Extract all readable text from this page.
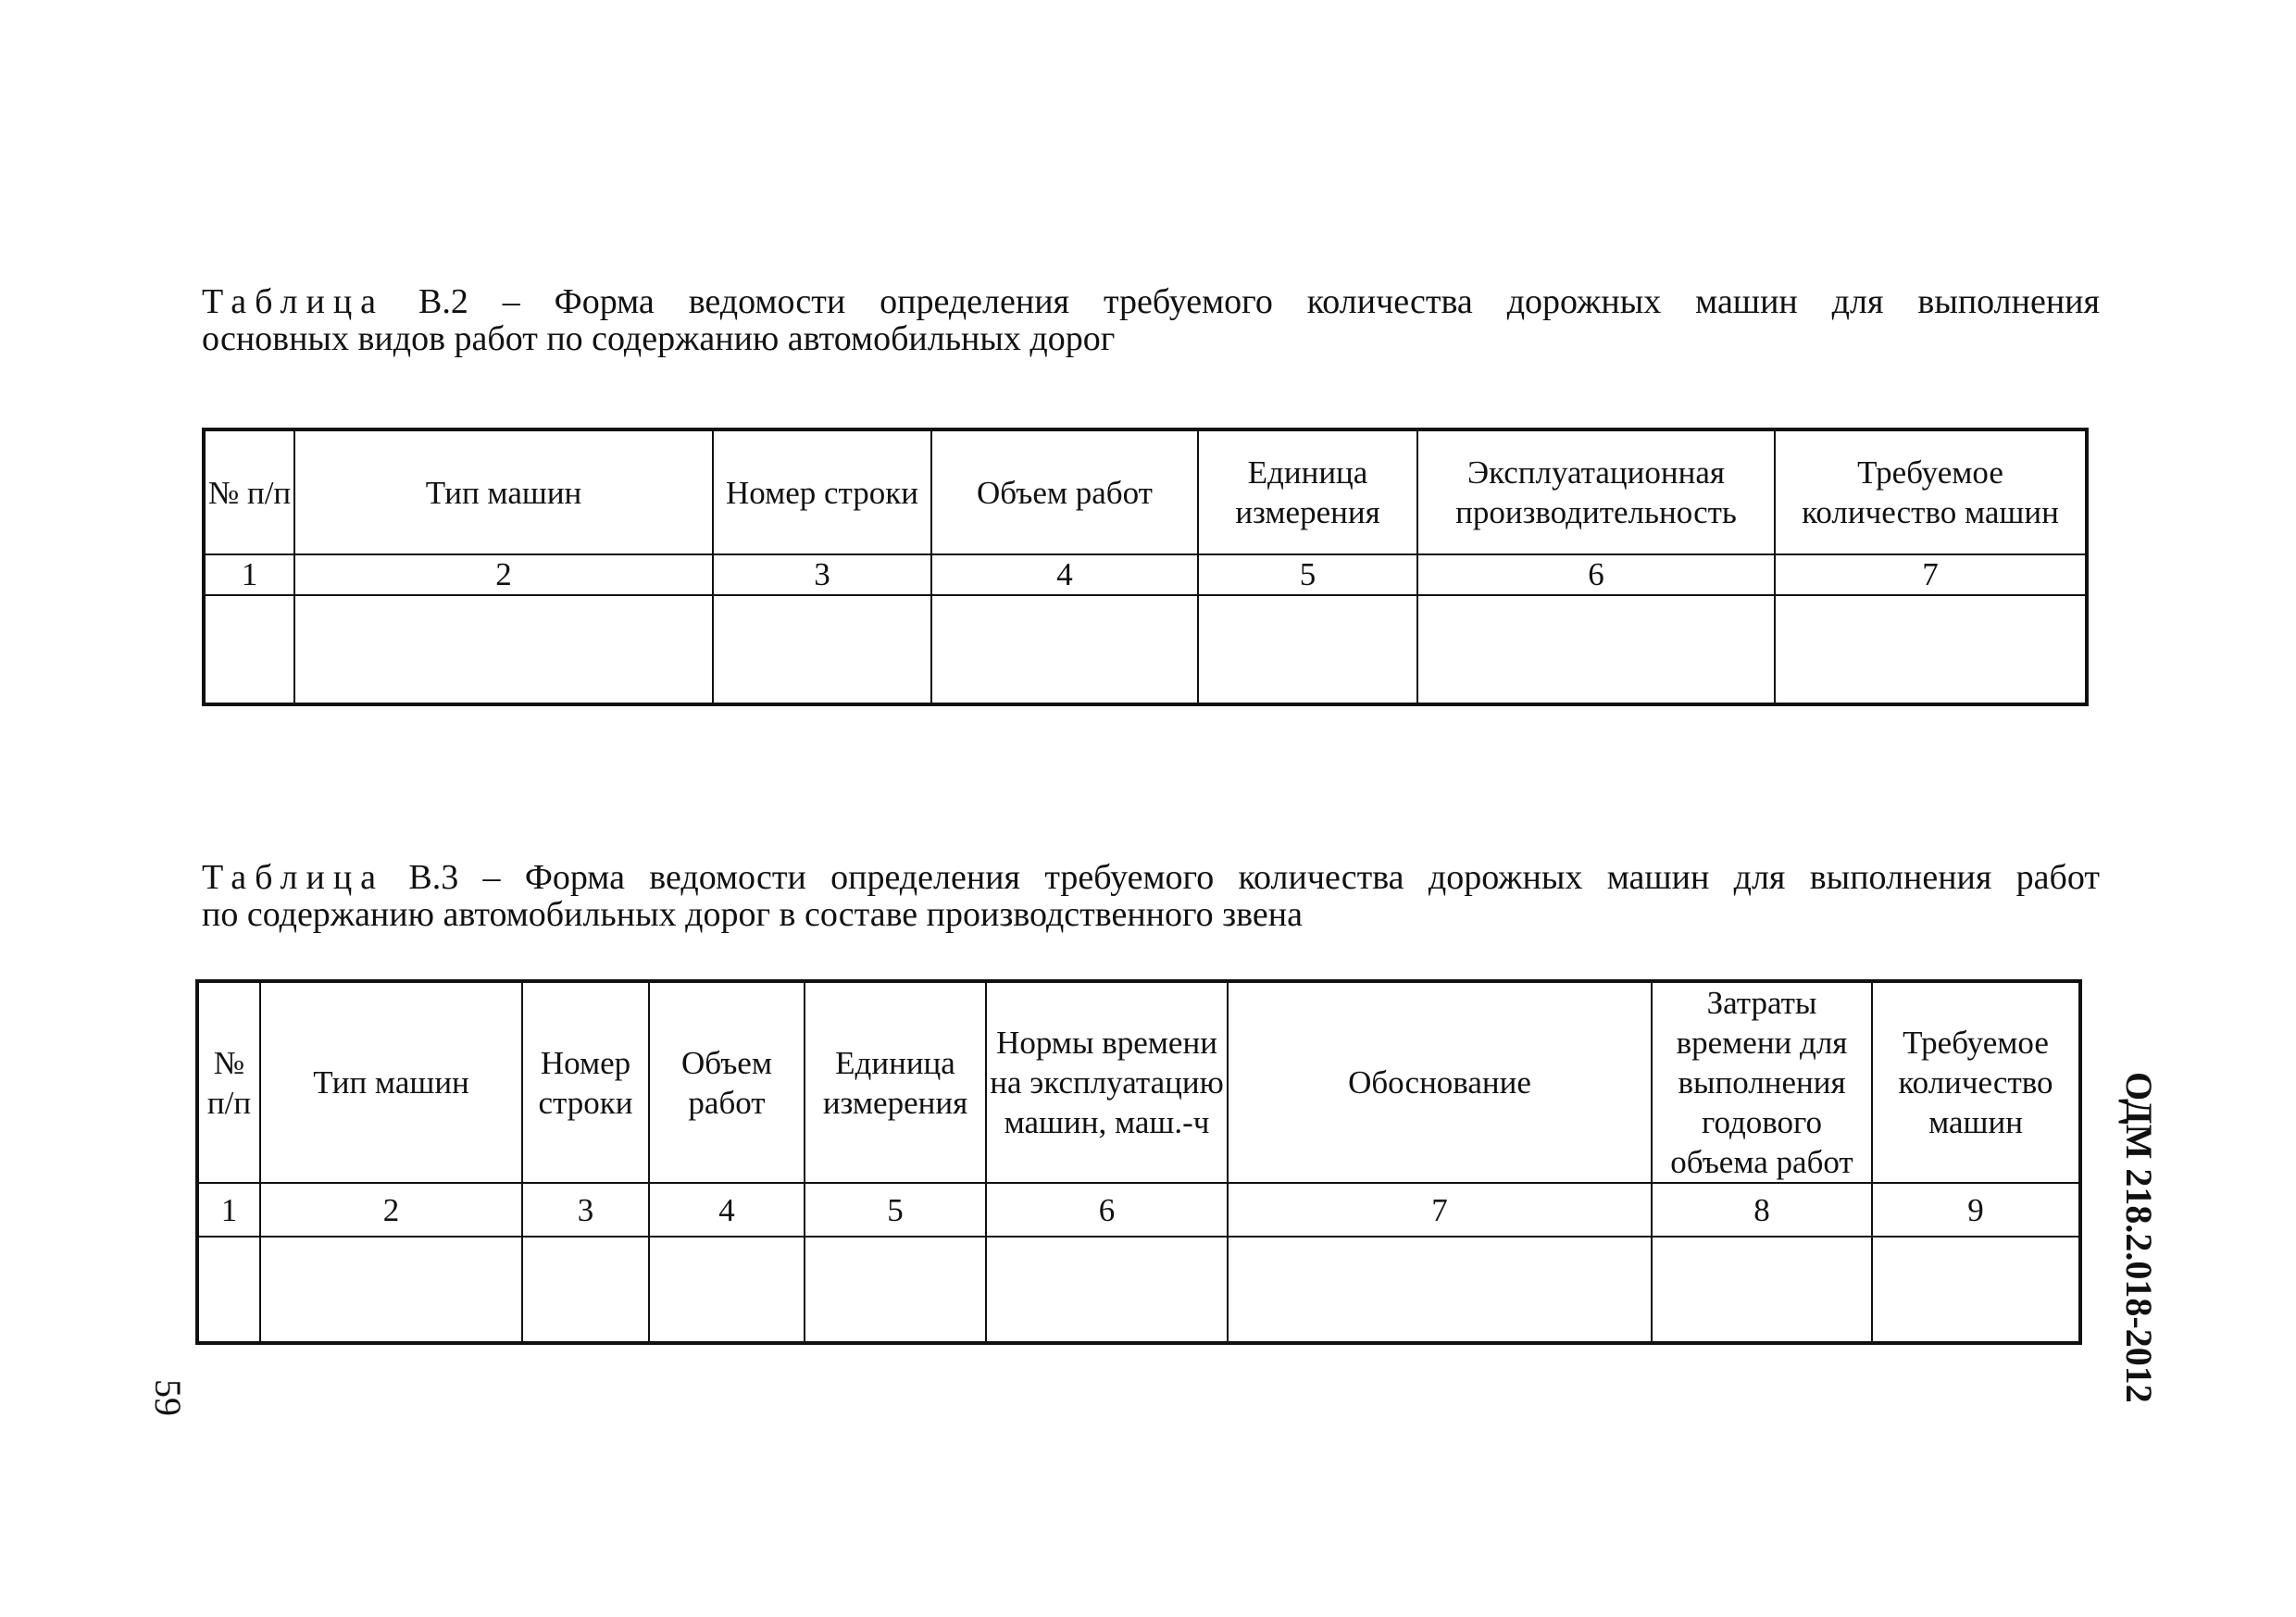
Таблица В.2 – Форма ведомости определения требуемого количества дорожных машин для выполнения
основных видов работ по содержанию автомобильных дорог
№ п/п	Тип машин	Номер строки	Объем работ	Единица измерения	Эксплуатационная производительность	Требуемое количество машин
1	2	3	4	5	6	7

Таблица В.3 – Форма ведомости определения требуемого количества дорожных машин для выполнения работ
по содержанию автомобильных дорог в составе производственного звена
№ п/п	Тип машин	Номер строки	Объем работ	Единица измерения	Нормы времени на эксплуатацию машин, маш.-ч	Обоснование	Затраты времени для выполнения годового объема работ	Требуемое количество машин
1	2	3	4	5	6	7	8	9
									ОДМ 218.2.018-2012
59
